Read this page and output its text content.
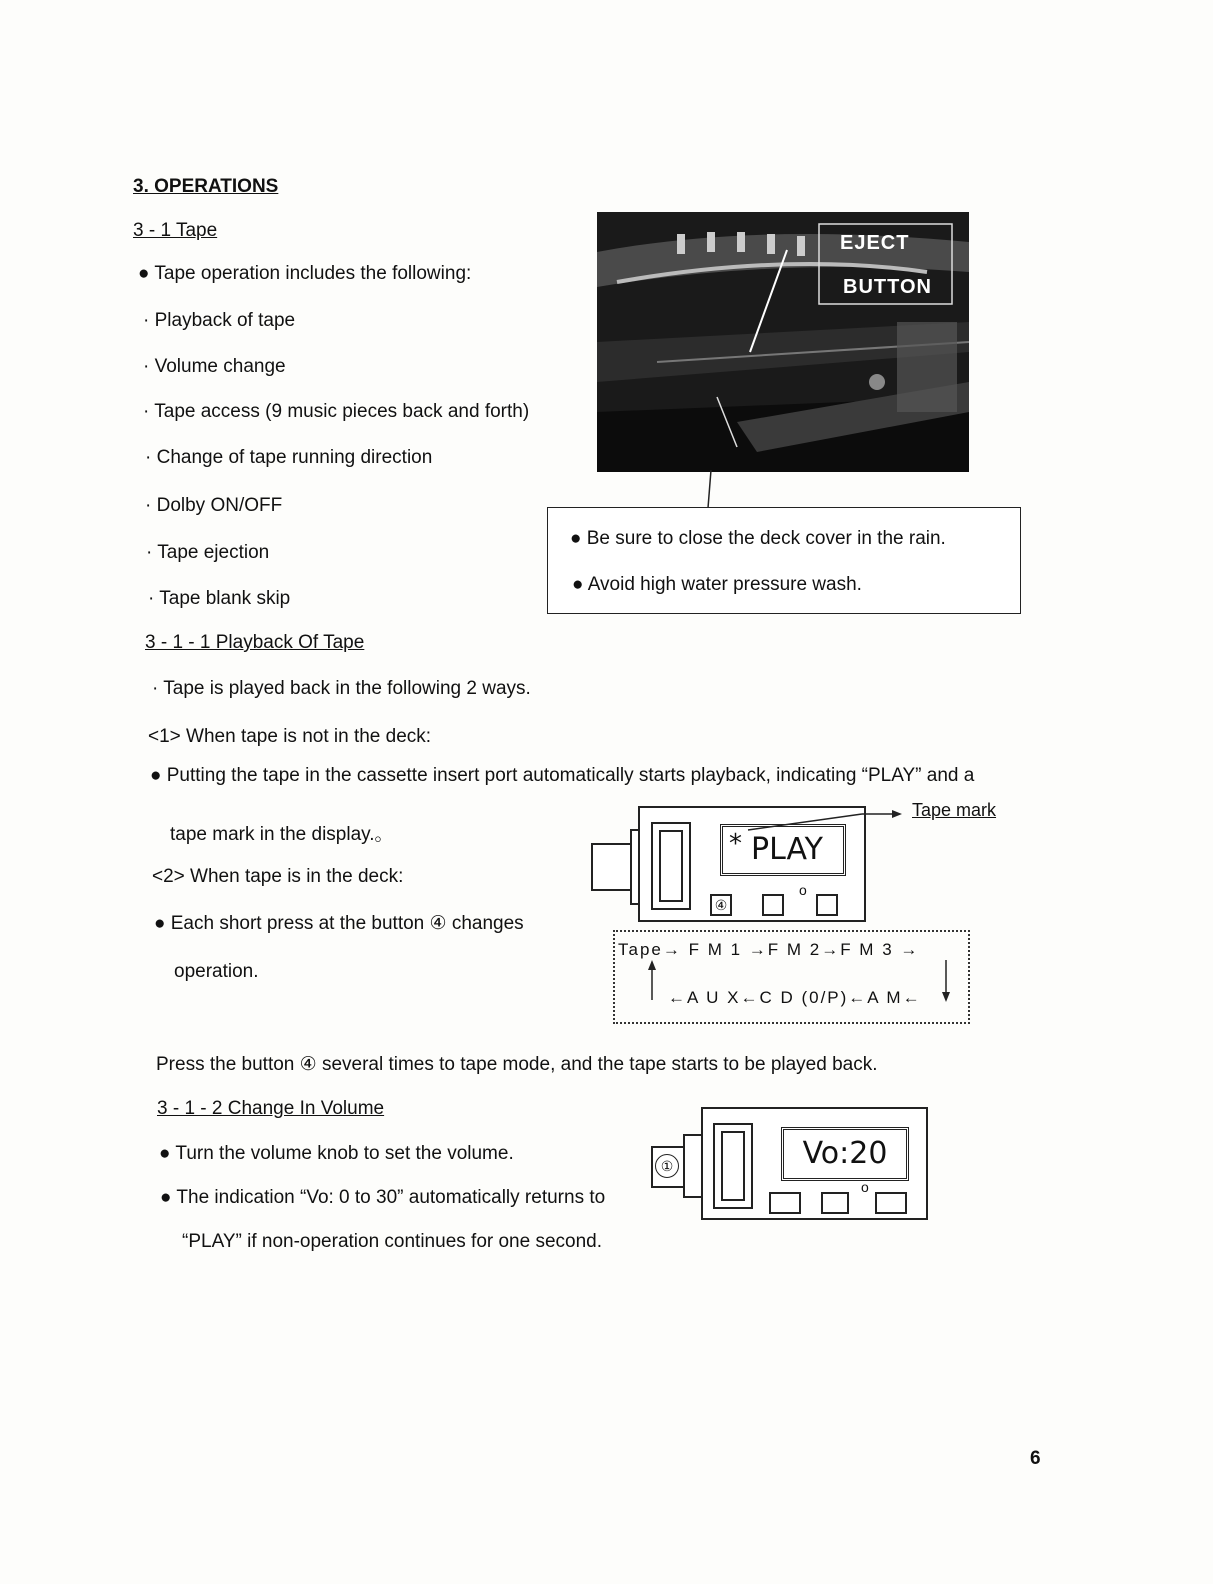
3. OPERATIONS
3 - 1 Tape
● Tape operation includes the following:
· Playback of tape
· Volume change
· Tape access (9 music pieces back and forth)
· Change of tape running direction
· Dolby ON/OFF
· Tape ejection
· Tape blank skip
EJECT
BUTTON
● Be sure to close the deck cover in the rain.
● Avoid high water pressure wash.
3 - 1 - 1 Playback Of Tape
· Tape is played back in the following 2 ways.
<1> When tape is not in the deck:
● Putting the tape in the cassette insert port automatically starts playback, indicating “PLAY” and a
tape mark in the display.。
<2> When tape is in the deck:
● Each short press at the button ④ changes
operation.
* PLAY
④
o
Tape mark
Tape→ F M 1 →F M 2→F M 3 →
←A U X←C D (0/P)←A M←
Press the button ④ several times to tape mode, and the tape starts to be played back.
3 - 1 - 2 Change In Volume
● Turn the volume knob to set the volume.
● The indication “Vo: 0 to 30” automatically returns to
“PLAY” if non-operation continues for one second.
①	Vo:20
o
6
